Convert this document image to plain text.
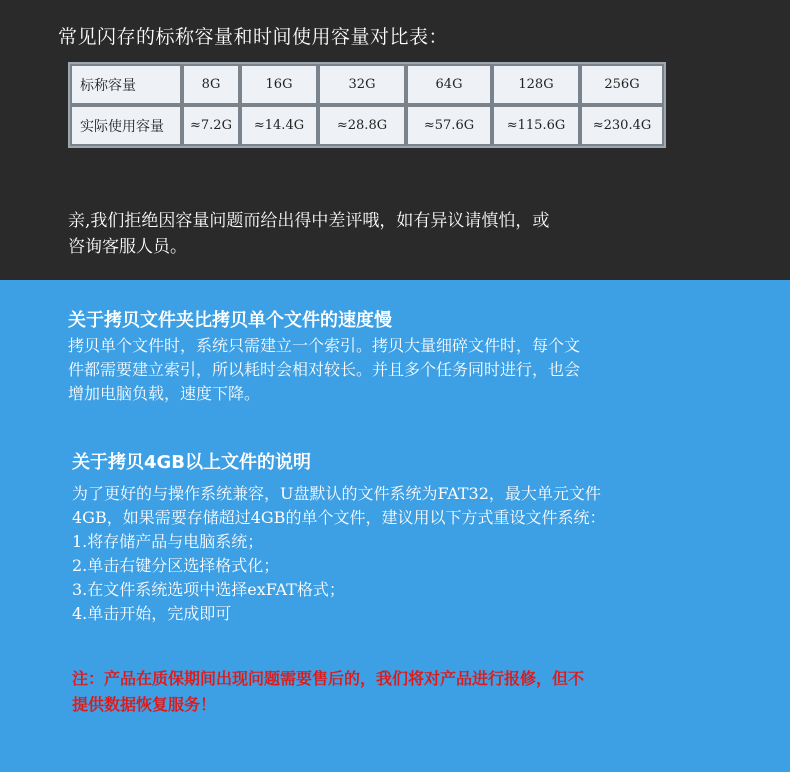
常见闪存的标称容量和时间使用容量对比表：
标称容量	8G	16G	32G	64G	128G	256G
实际使用容量	≈7.2G	≈14.4G	≈28.8G	≈57.6G	≈115.6G	≈230.4G
亲,我们拒绝因容量问题而给出得中差评哦，如有异议请慎怕，或
咨询客服人员。
关于拷贝文件夹比拷贝单个文件的速度慢
拷贝单个文件时，系统只需建立一个索引。拷贝大量细碎文件时，每个文
件都需要建立索引，所以耗时会相对较长。并且多个任务同时进行，也会
增加电脑负载，速度下降。
关于拷贝4GB以上文件的说明
为了更好的与操作系统兼容，U盘默认的文件系统为FAT32，最大单元文件
4GB，如果需要存储超过4GB的单个文件，建议用以下方式重设文件系统：
1.将存储产品与电脑系统；
2.单击右键分区选择格式化；
3.在文件系统选项中选择exFAT格式；
4.单击开始，完成即可
注：产品在质保期间出现问题需要售后的，我们将对产品进行报修，但不
提供数据恢复服务！
